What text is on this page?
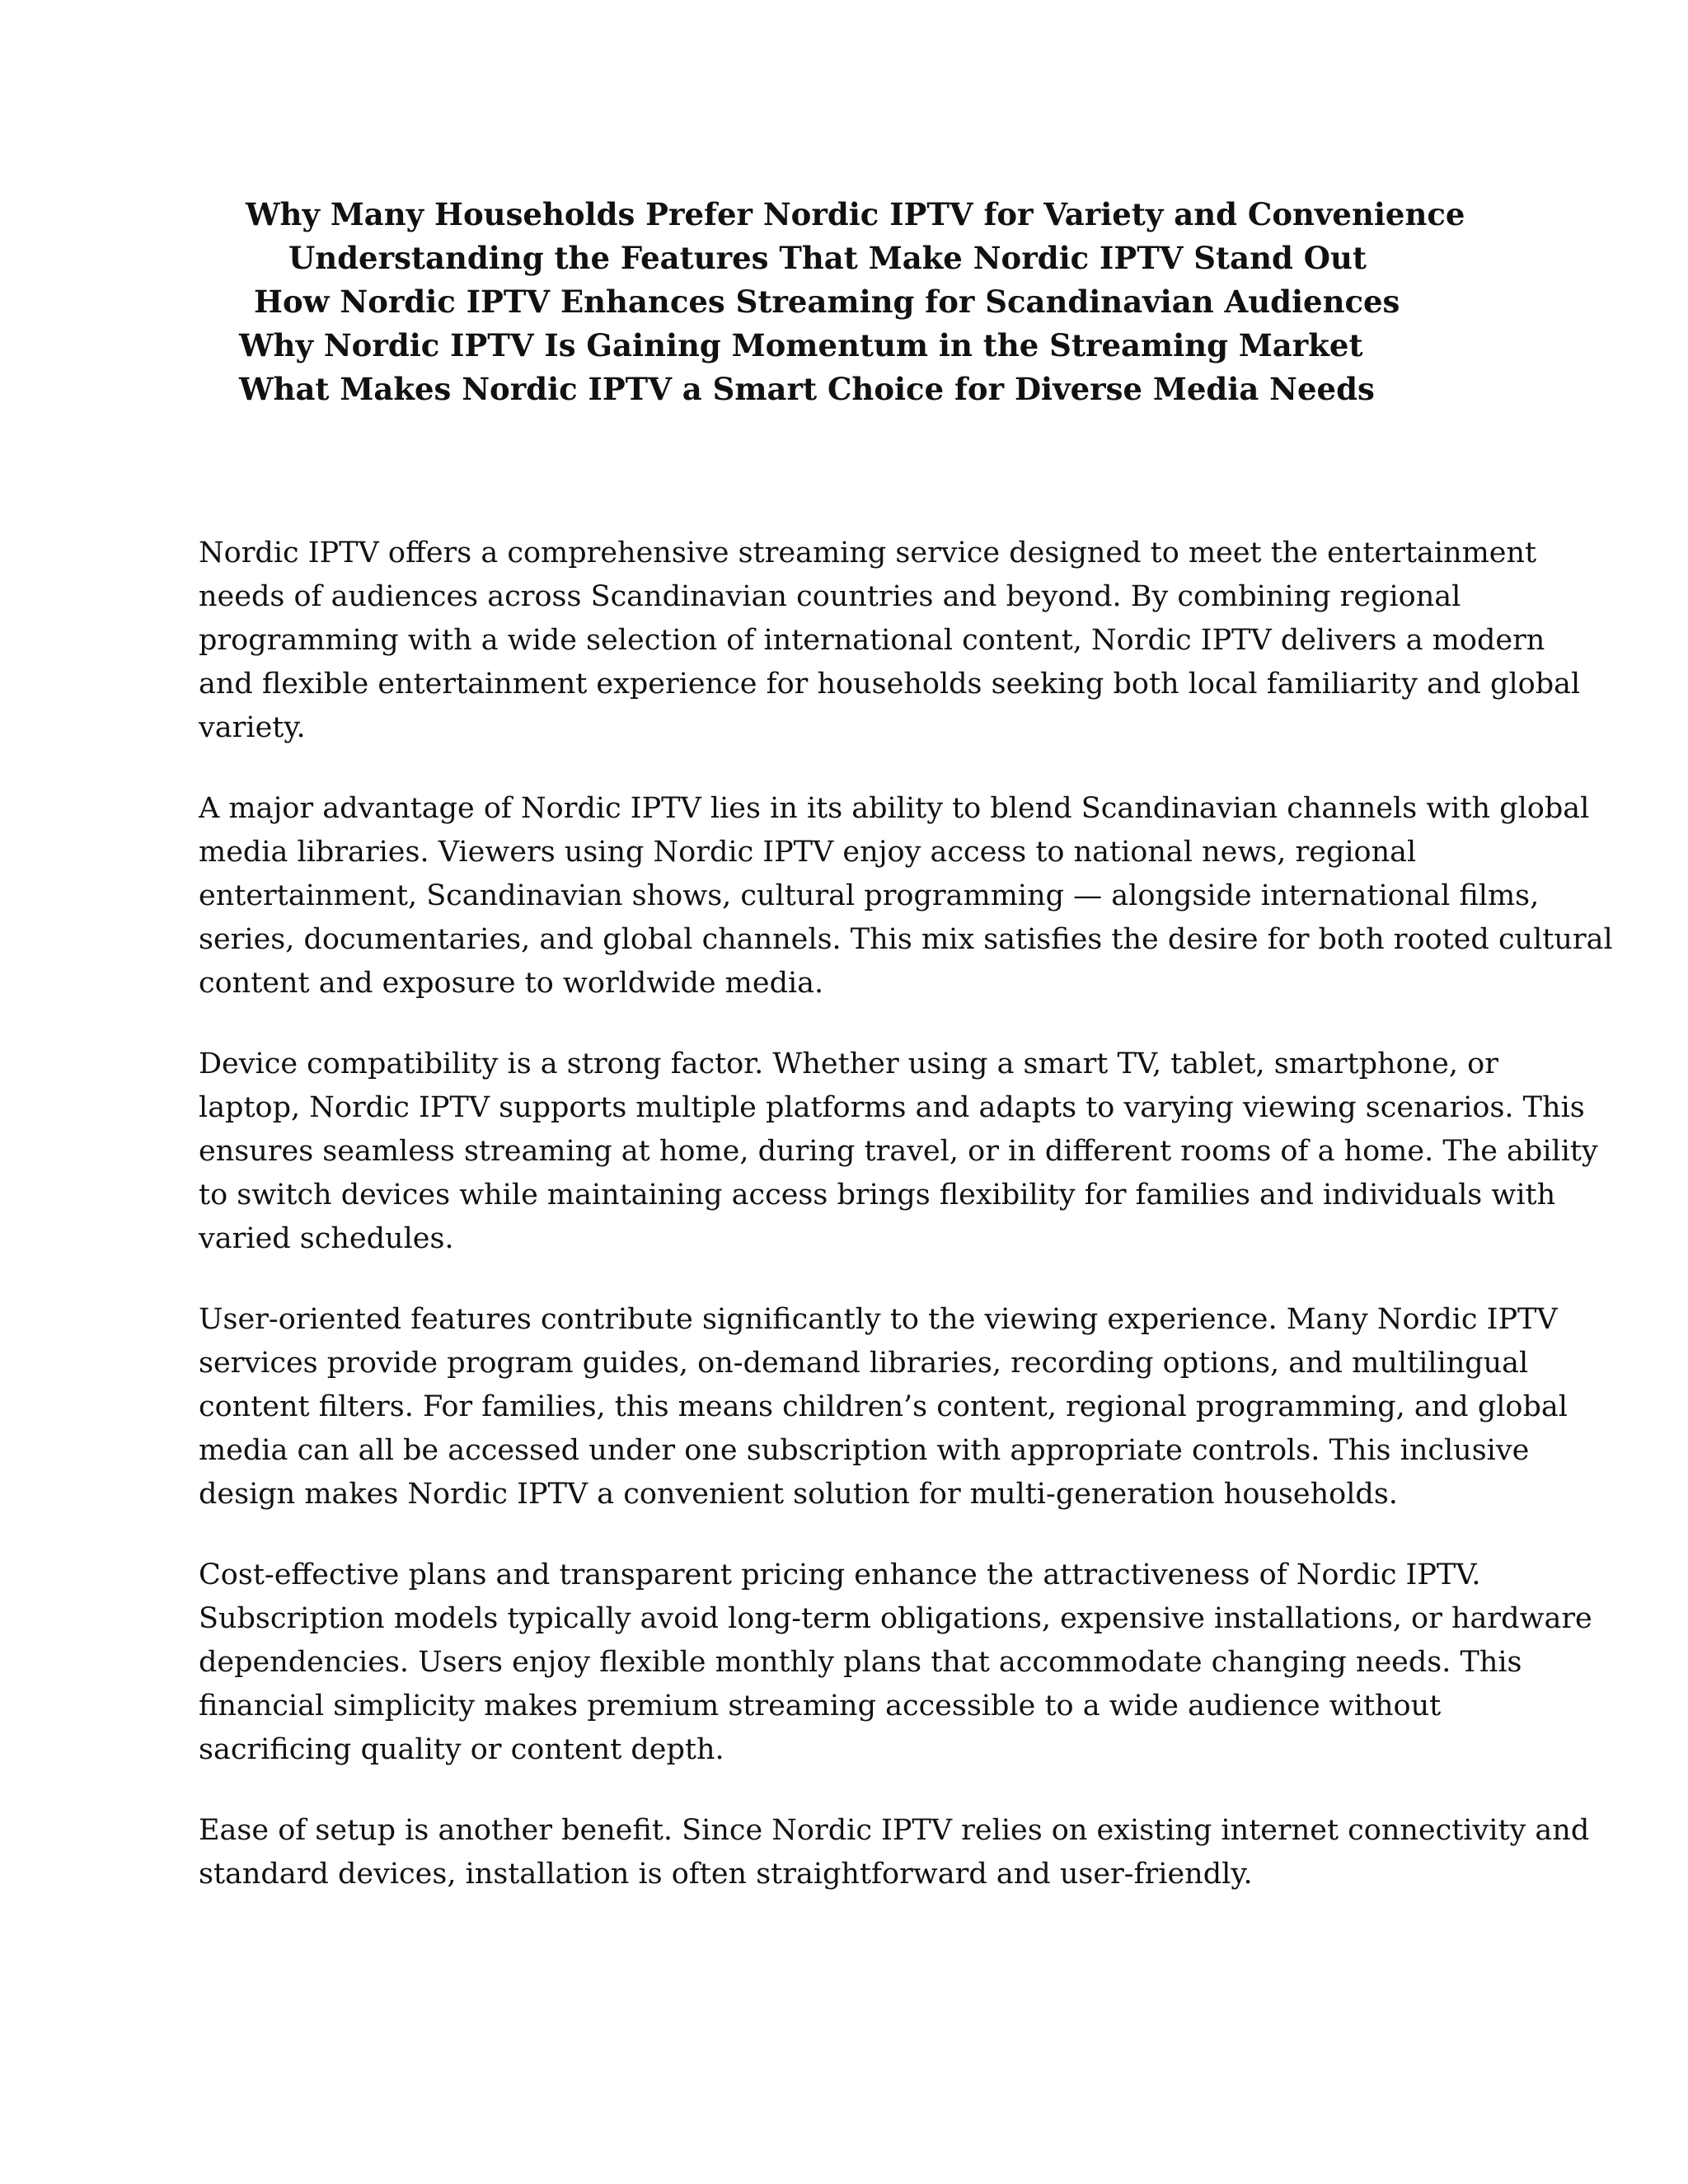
Why Many Households Prefer Nordic IPTV for Variety and Convenience
Understanding the Features That Make Nordic IPTV Stand Out
How Nordic IPTV Enhances Streaming for Scandinavian Audiences
Why Nordic IPTV Is Gaining Momentum in the Streaming Market
What Makes Nordic IPTV a Smart Choice for Diverse Media Needs

Nordic IPTV offers a comprehensive streaming service designed to meet the entertainment
needs of audiences across Scandinavian countries and beyond. By combining regional
programming with a wide selection of international content, Nordic IPTV delivers a modern
and flexible entertainment experience for households seeking both local familiarity and global
variety.

A major advantage of Nordic IPTV lies in its ability to blend Scandinavian channels with global
media libraries. Viewers using Nordic IPTV enjoy access to national news, regional
entertainment, Scandinavian shows, cultural programming — alongside international films,
series, documentaries, and global channels. This mix satisfies the desire for both rooted cultural
content and exposure to worldwide media.

Device compatibility is a strong factor. Whether using a smart TV, tablet, smartphone, or
laptop, Nordic IPTV supports multiple platforms and adapts to varying viewing scenarios. This
ensures seamless streaming at home, during travel, or in different rooms of a home. The ability
to switch devices while maintaining access brings flexibility for families and individuals with
varied schedules.

User-oriented features contribute significantly to the viewing experience. Many Nordic IPTV
services provide program guides, on-demand libraries, recording options, and multilingual
content filters. For families, this means children’s content, regional programming, and global
media can all be accessed under one subscription with appropriate controls. This inclusive
design makes Nordic IPTV a convenient solution for multi-generation households.

Cost-effective plans and transparent pricing enhance the attractiveness of Nordic IPTV.
Subscription models typically avoid long-term obligations, expensive installations, or hardware
dependencies. Users enjoy flexible monthly plans that accommodate changing needs. This
financial simplicity makes premium streaming accessible to a wide audience without
sacrificing quality or content depth.

Ease of setup is another benefit. Since Nordic IPTV relies on existing internet connectivity and
standard devices, installation is often straightforward and user-friendly.
